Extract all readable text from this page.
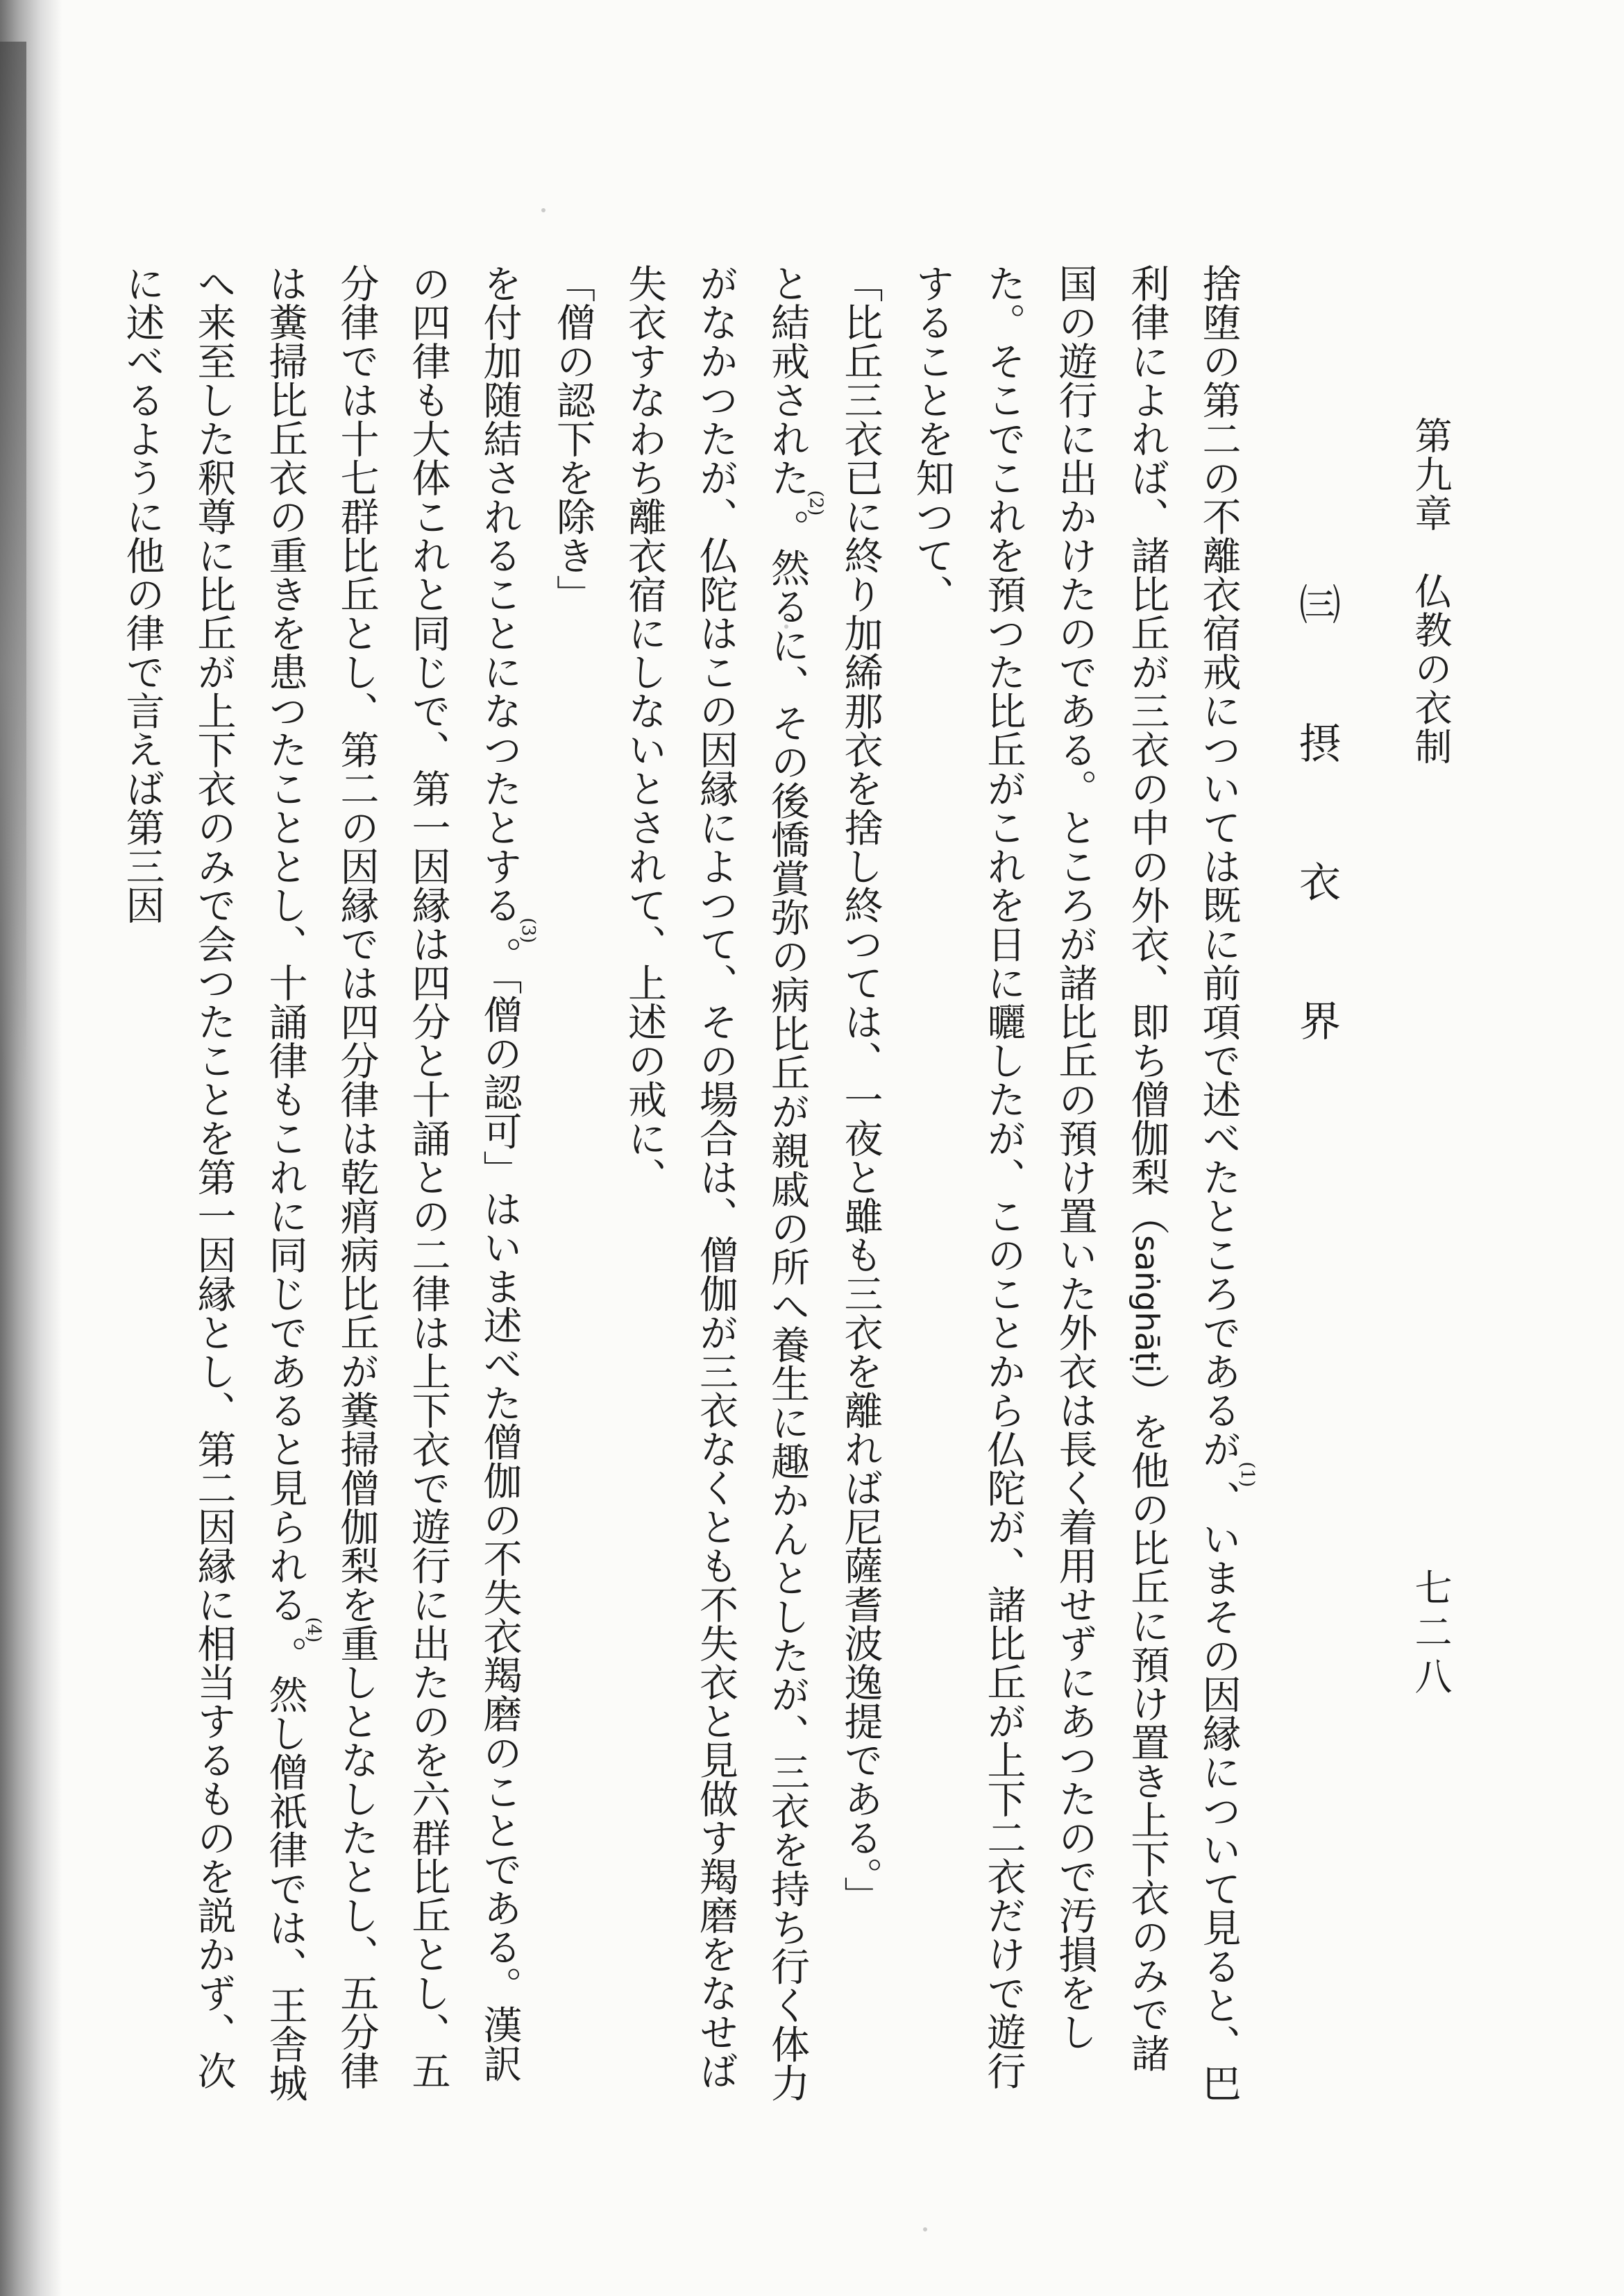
第九章　仏教の衣制
七二八
㈢　摂　衣　界

捨堕の第二の不離衣宿戒については既に前項で述べたところであるが (1)、いまその因縁について見ると、巴利律によれば、諸比丘が三衣の中の外衣、即ち僧伽梨（saṅghāṭi）を他の比丘に預け置き上下衣のみで諸国の遊行に出かけたのである。ところが諸比丘の預け置いた外衣は長く着用せずにあつたので汚損をした。そこでこれを預つた比丘がこれを日に曬したが、このことから仏陀が、諸比丘が上下二衣だけで遊行することを知つて、

「比丘三衣已に終り加絺那衣を捨し終つては、一夜と雖も三衣を離れば尼薩耆波逸提である。」

と結戒された (2)。然るに、その後憍賞弥の病比丘が親戚の所へ養生に趣かんとしたが、三衣を持ち行く体力がなかつたが、仏陀はこの因縁によつて、その場合は、僧伽が三衣なくとも不失衣と見做す羯磨をなせば失衣すなわち離衣宿にしないとされて、上述の戒に、

「僧の認下を除き」

を付加随結されることになつたとする (3)。「僧の認可」はいま述べた僧伽の不失衣羯磨のことである。漢訳の四律も大体これと同じで、第一因縁は四分と十誦との二律は上下衣で遊行に出たのを六群比丘とし、五分律では十七群比丘とし、第二の因縁では四分律は乾痟病比丘が糞掃僧伽梨を重しとなしたとし、五分律は糞掃比丘衣の重きを患つたこととし、十誦律もこれに同じであると見られる (4)。然し僧祇律では、王舎城へ来至した釈尊に比丘が上下衣のみで会つたことを第一因縁とし、第二因縁に相当するものを説かず、次に述べるように他の律で言えば第三因
